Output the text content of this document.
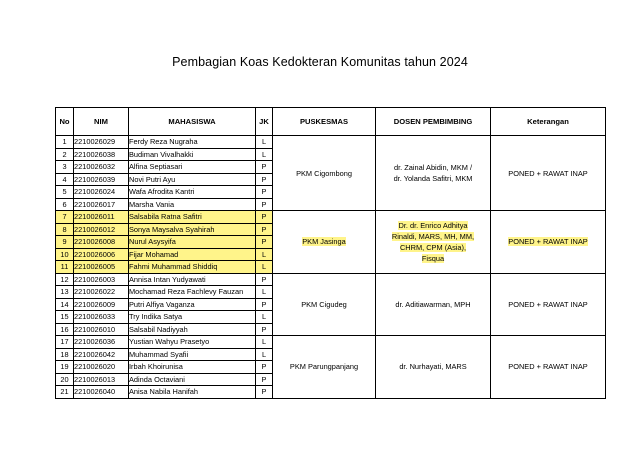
Pembagian Koas Kedokteran Komunitas tahun 2024
No	NIM	MAHASISWA	JK	PUSKESMAS	DOSEN PEMBIMBING	Keterangan
1	2210026029	Ferdy Reza Nugraha	L	PKM Cigombong	dr. Zainal Abidin, MKM /
dr. Yolanda Safitri, MKM	PONED + RAWAT INAP
2	2210026038	Budiman Vivalhakki	L			
3	2210026032	Alfina Septiasari	P			
4	2210026039	Novi Putri Ayu	P			
5	2210026024	Wafa Afrodita Kantri	P			
6	2210026017	Marsha Vania	P			
7	2210026011	Salsabila Ratna Safitri	P	PKM Jasinga	Dr. dr. Enrico Adhitya
Rinaldi, MARS, MH, MM,
CHRM, CPM (Asia),
Fisqua	PONED + RAWAT INAP
8	2210026012	Sonya Maysalva Syahirah	P			
9	2210026008	Nurul Asysyifa	P			
10	2210026006	Fijar Mohamad	L			
11	2210026005	Fahmi Muhammad Shiddiq	L			
12	2210026003	Annisa Intan Yudyawati	P	PKM Cigudeg	dr. Aditiawarman, MPH	PONED + RAWAT INAP
13	2210026022	Mochamad Reza Fachlevy Fauzan	L			
14	2210026009	Putri Alfiya Vaganza	P			
15	2210026033	Try Indika Satya	L			
16	2210026010	Salsabil Nadiyyah	P			
17	2210026036	Yustian Wahyu Prasetyo	L	PKM Parungpanjang	dr. Nurhayati, MARS	PONED + RAWAT INAP
18	2210026042	Muhammad Syafii	L			
19	2210026020	Irbah Khoirunisa	P			
20	2210026013	Adinda Octaviani	P			
21	2210026040	Anisa Nabila Hanifah	P			
